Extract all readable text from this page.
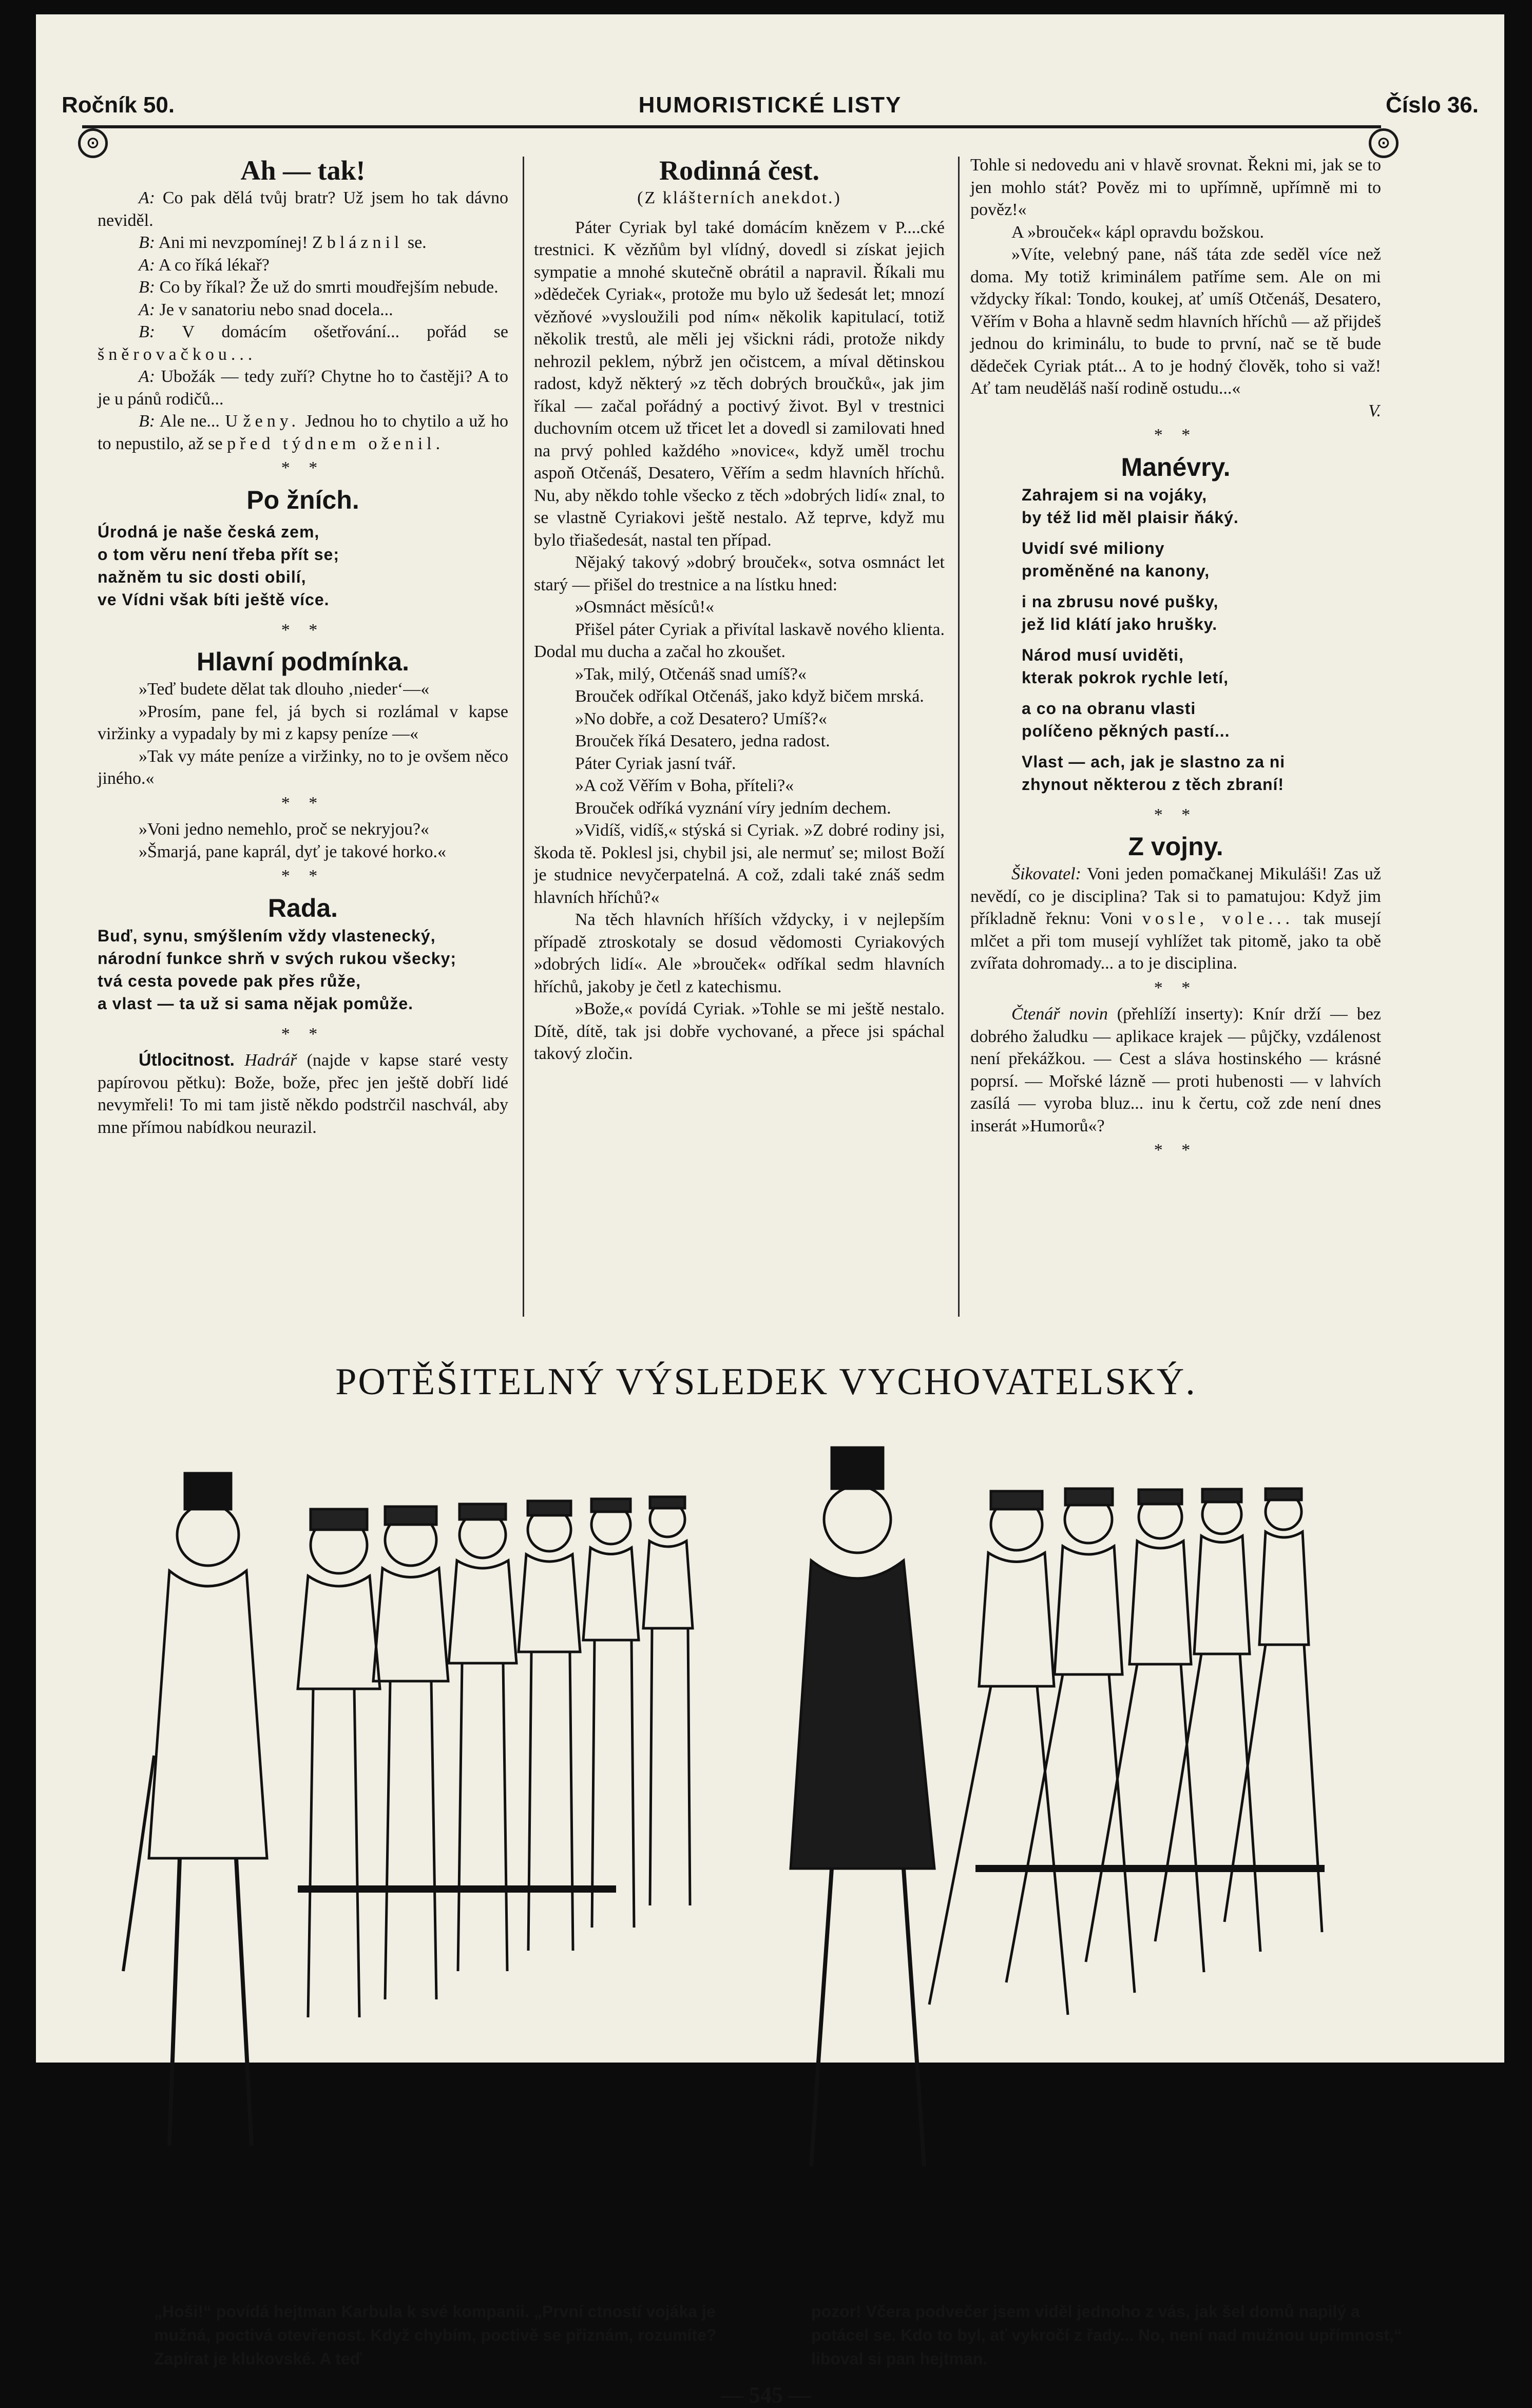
Ročník 50.	HUMORISTICKÉ LISTY	Číslo 36.
⊙	⊙
Ah — tak!

A: Co pak dělá tvůj bratr? Už jsem ho tak dávno neviděl.

B: Ani mi nevzpomínej! Zbláznil se.

A: A co říká lékař?

B: Co by říkal? Že už do smrti moudřejším nebude.

A: Je v sanatoriu nebo snad docela...

B: V domácím ošetřování... pořád se šněrovačkou...

A: Ubožák — tedy zuří? Chytne ho to častěji? A to je u pánů rodičů...

B: Ale ne... U ženy. Jednou ho to chytilo a už ho to nepustilo, až se před týdnem oženil.

* *
Po žních.

Úrodná je naše česká zem,

o tom věru není třeba přít se;

nažněm tu sic dosti obilí,

ve Vídni však bíti ještě více.

* *
Hlavní podmínka.

»Teď budete dělat tak dlouho ‚nieder‘—«

»Prosím, pane fel, já bych si rozlámal v kapse viržinky a vypadaly by mi z kapsy peníze —«

»Tak vy máte peníze a viržinky, no to je ovšem něco jiného.«

* *

»Voni jedno nemehlo, proč se nekryjou?«

»Šmarjá, pane kaprál, dyť je takové horko.«

* *
Rada.

Buď, synu, smýšlením vždy vlastenecký,

národní funkce shrň v svých rukou všecky;

tvá cesta povede pak přes růže,

a vlast — ta už si sama nějak pomůže.

* *

Útlocitnost. Hadrář (najde v kapse staré vesty papírovou pětku): Bože, bože, přec jen ještě dobří lidé nevymřeli! To mi tam jistě někdo podstrčil naschvál, aby mne přímou nabídkou neurazil.

Rodinná čest.
(Z klášterních anekdot.)

Páter Cyriak byl také domácím knězem v P....cké trestnici. K vězňům byl vlídný, dovedl si získat jejich sympatie a mnohé skutečně obrátil a napravil. Říkali mu »dědeček Cyriak«, protože mu bylo už šedesát let; mnozí vězňové »vysloužili pod ním« několik kapitulací, totiž několik trestů, ale měli jej všickni rádi, protože nikdy nehrozil peklem, nýbrž jen očistcem, a míval dětinskou radost, když některý »z těch dobrých broučků«, jak jim říkal — začal pořádný a poctivý život. Byl v trestnici duchovním otcem už třicet let a dovedl si zamilovati hned na prvý pohled každého »novice«, když uměl trochu aspoň Otčenáš, Desatero, Věřím a sedm hlavních hříchů. Nu, aby někdo tohle všecko z těch »dobrých lidí« znal, to se vlastně Cyriakovi ještě nestalo. Až teprve, když mu bylo třiašedesát, nastal ten případ.

Nějaký takový »dobrý brouček«, sotva osmnáct let starý — přišel do trestnice a na lístku hned:

»Osmnáct měsíců!«

Přišel páter Cyriak a přivítal laskavě nového klienta. Dodal mu ducha a začal ho zkoušet.

»Tak, milý, Otčenáš snad umíš?«

Brouček odříkal Otčenáš, jako když bičem mrská.

»No dobře, a což Desatero? Umíš?«

Brouček říká Desatero, jedna radost.

Páter Cyriak jasní tvář.

»A což Věřím v Boha, příteli?«

Brouček odříká vyznání víry jedním dechem.

»Vidíš, vidíš,« stýská si Cyriak. »Z dobré rodiny jsi, škoda tě. Poklesl jsi, chybil jsi, ale nermuť se; milost Boží je studnice nevyčerpatelná. A což, zdali také znáš sedm hlavních hříchů?«

Na těch hlavních hříších vždycky, i v nejlepším případě ztroskotaly se dosud vědomosti Cyriakových »dobrých lidí«. Ale »brouček« odříkal sedm hlavních hříchů, jakoby je četl z katechismu.

»Bože,« povídá Cyriak. »Tohle se mi ještě nestalo. Dítě, dítě, tak jsi dobře vychované, a přece jsi spáchal takový zločin.

Tohle si nedovedu ani v hlavě srovnat. Řekni mi, jak se to jen mohlo stát? Pověz mi to upřímně, upřímně mi to pověz!«

A »brouček« kápl opravdu božskou.

»Víte, velebný pane, náš táta zde seděl více než doma. My totiž kriminálem patříme sem. Ale on mi vždycky říkal: Tondo, koukej, ať umíš Otčenáš, Desatero, Věřím v Boha a hlavně sedm hlavních hříchů — až přijdeš jednou do kriminálu, to bude to první, nač se tě bude dědeček Cyriak ptát... A to je hodný člověk, toho si važ! Ať tam neuděláš naší rodině ostudu...«

V.

* *
Manévry.

Zahrajem si na vojáky,

by též lid měl plaisir ňáký.

Uvidí své miliony

proměněné na kanony,

i na zbrusu nové pušky,

jež lid klátí jako hrušky.

Národ musí uviděti,

kterak pokrok rychle letí,

a co na obranu vlasti

políčeno pěkných pastí...

Vlast — ach, jak je slastno za ni

zhynout některou z těch zbraní!

* *
Z vojny.

Šikovatel: Voni jeden pomačkanej Mikuláši! Zas už nevědí, co je disciplina? Tak si to pamatujou: Když jim příkladně řeknu: Voni vosle, vole... tak musejí mlčet a při tom musejí vyhlížet tak pitomě, jako ta obě zvířata dohromady... a to je disciplina.

* *

Čtenář novin (přehlíží inserty): Knír drží — bez dobrého žaludku — aplikace krajek — půjčky, vzdálenost není překážkou. — Cest a sláva hostinského — krásné poprsí. — Mořské lázně — proti hubenosti — v lahvích zasílá — vyroba bluz... inu k čertu, což zde není dnes inserát »Humorů«?

* *
POTĚŠITELNÝ VÝSLEDEK VYCHOVATELSKÝ.
„Hoši!“ povídá hejtman Karbula k své kompanii. „První ctností vojáka je mužná, poctivá otevřenost. Když chybím, poctivě se přiznám, rozumíte? Zapírat je klukovské. A teď
pozor! Včera podvečer jsem viděl jednoho z vás, jak šel domů napilý a potácel se. Kdo to byl, ať vykročí z řady... No, není nad mužnou upřímnost,“ liboval si pan hejtman.
— 545 —
